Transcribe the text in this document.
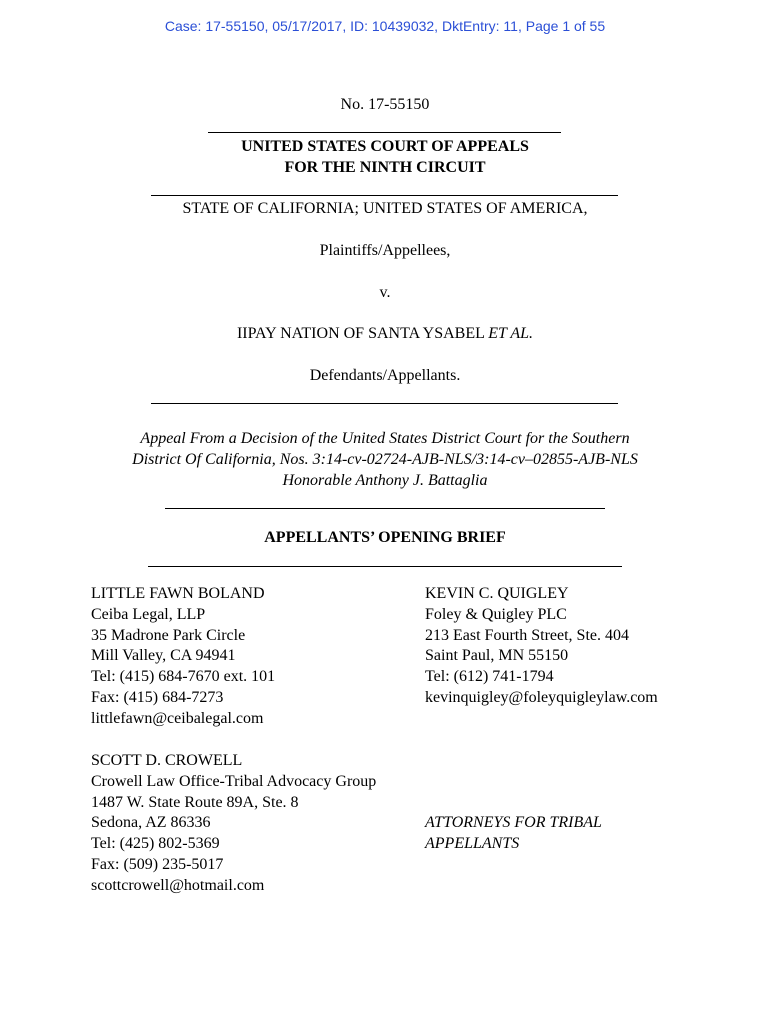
Case: 17-55150, 05/17/2017, ID: 10439032, DktEntry: 11, Page 1 of 55
No. 17-55150
UNITED STATES COURT OF APPEALS
FOR THE NINTH CIRCUIT
STATE OF CALIFORNIA; UNITED STATES OF AMERICA,
Plaintiffs/Appellees,
v.
IIPAY NATION OF SANTA YSABEL ET AL.
Defendants/Appellants.
Appeal From a Decision of the United States District Court for the Southern
District Of California, Nos. 3:14-cv-02724-AJB-NLS/3:14-cv–02855-AJB-NLS
Honorable Anthony J. Battaglia
APPELLANTS’ OPENING BRIEF
LITTLE FAWN BOLAND
Ceiba Legal, LLP
35 Madrone Park Circle
Mill Valley, CA 94941
Tel: (415) 684-7670 ext. 101
Fax: (415) 684-7273
littlefawn@ceibalegal.com
KEVIN C. QUIGLEY
Foley & Quigley PLC
213 East Fourth Street, Ste. 404
Saint Paul, MN 55150
Tel: (612) 741-1794
kevinquigley@foleyquigleylaw.com
SCOTT D. CROWELL
Crowell Law Office-Tribal Advocacy Group
1487 W. State Route 89A, Ste. 8
Sedona, AZ 86336
Tel: (425) 802-5369
Fax: (509) 235-5017
scottcrowell@hotmail.com
ATTORNEYS FOR TRIBAL
APPELLANTS
